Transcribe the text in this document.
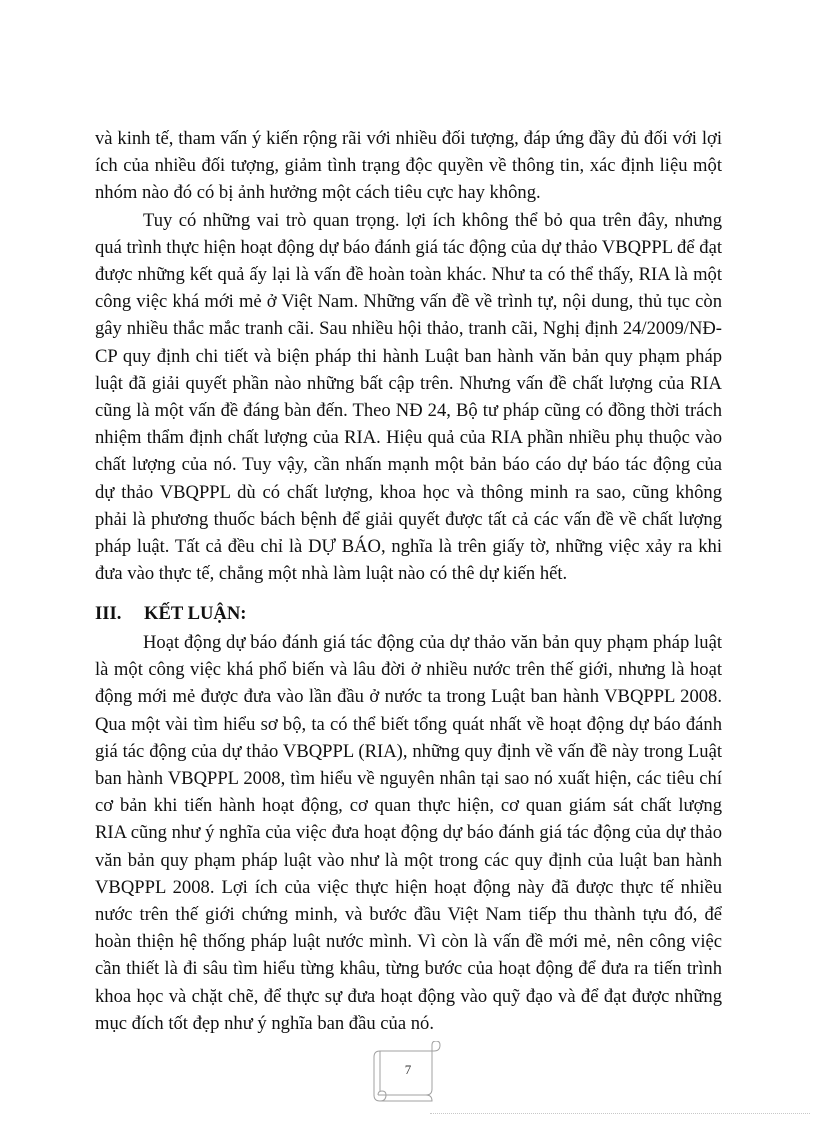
và kinh tế, tham vấn ý kiến rộng rãi với nhiều đối tượng, đáp ứng đầy đủ đối với lợi ích của nhiều đối tượng, giảm tình trạng độc quyền về thông tin, xác định liệu một nhóm nào đó có bị ảnh hưởng một cách tiêu cực hay không.

Tuy có những vai trò quan trọng. lợi ích không thể bỏ qua trên đây, nhưng quá trình thực hiện hoạt động dự báo đánh giá tác động của dự thảo VBQPPL để đạt được những kết quả ấy lại là vấn đề hoàn toàn khác. Như ta có thể thấy, RIA là một công việc khá mới mẻ ở Việt Nam. Những vấn đề về trình tự, nội dung, thủ tục còn gây nhiều thắc mắc tranh cãi. Sau nhiều hội thảo, tranh cãi, Nghị định 24/2009/NĐ-CP quy định chi tiết và biện pháp thi hành Luật ban hành văn bản quy phạm pháp luật đã giải quyết phần nào những bất cập trên. Nhưng vấn đề chất lượng của RIA cũng là một vấn đề đáng bàn đến. Theo NĐ 24, Bộ tư pháp cũng có đồng thời trách nhiệm thẩm định chất lượng của RIA. Hiệu quả của RIA phần nhiều phụ thuộc vào chất lượng của nó. Tuy vậy, cần nhấn mạnh một bản báo cáo dự báo tác động của dự thảo VBQPPL dù có chất lượng, khoa học và thông minh ra sao, cũng không phải là phương thuốc bách bệnh để giải quyết được tất cả các vấn đề về chất lượng pháp luật. Tất cả đều chỉ là DỰ BÁO, nghĩa là trên giấy tờ, những việc xảy ra khi đưa vào thực tế, chẳng một nhà làm luật nào có thê dự kiến hết.

III.	KẾT LUẬN:

Hoạt động dự báo đánh giá tác động của dự thảo văn bản quy phạm pháp luật là một công việc khá phổ biến và lâu đời ở nhiều nước trên thế giới, nhưng là hoạt động mới mẻ được đưa vào lần đầu ở nước ta trong Luật ban hành VBQPPL 2008. Qua một vài tìm hiểu sơ bộ, ta có thể biết tổng quát nhất về hoạt động dự báo đánh giá tác động của dự thảo VBQPPL (RIA), những quy định về vấn đề này trong Luật ban hành VBQPPL 2008, tìm hiểu về nguyên nhân tại sao nó xuất hiện, các tiêu chí cơ bản khi tiến hành hoạt động, cơ quan thực hiện, cơ quan giám sát chất lượng RIA cũng như ý nghĩa của việc đưa hoạt động dự báo đánh giá tác động của dự thảo văn bản quy phạm pháp luật vào như là một trong các quy định của luật ban hành VBQPPL 2008. Lợi ích của việc thực hiện hoạt động này đã được thực tế nhiều nước trên thế giới chứng minh, và bước đầu Việt Nam tiếp thu thành tựu đó, để hoàn thiện hệ thống pháp luật nước mình. Vì còn là vấn đề mới mẻ, nên công việc cần thiết là đi sâu tìm hiểu từng khâu, từng bước của hoạt động để đưa ra tiến trình khoa học và chặt chẽ, để thực sự đưa hoạt động vào quỹ đạo và để đạt được những mục đích tốt đẹp như ý nghĩa ban đầu của nó.

7
